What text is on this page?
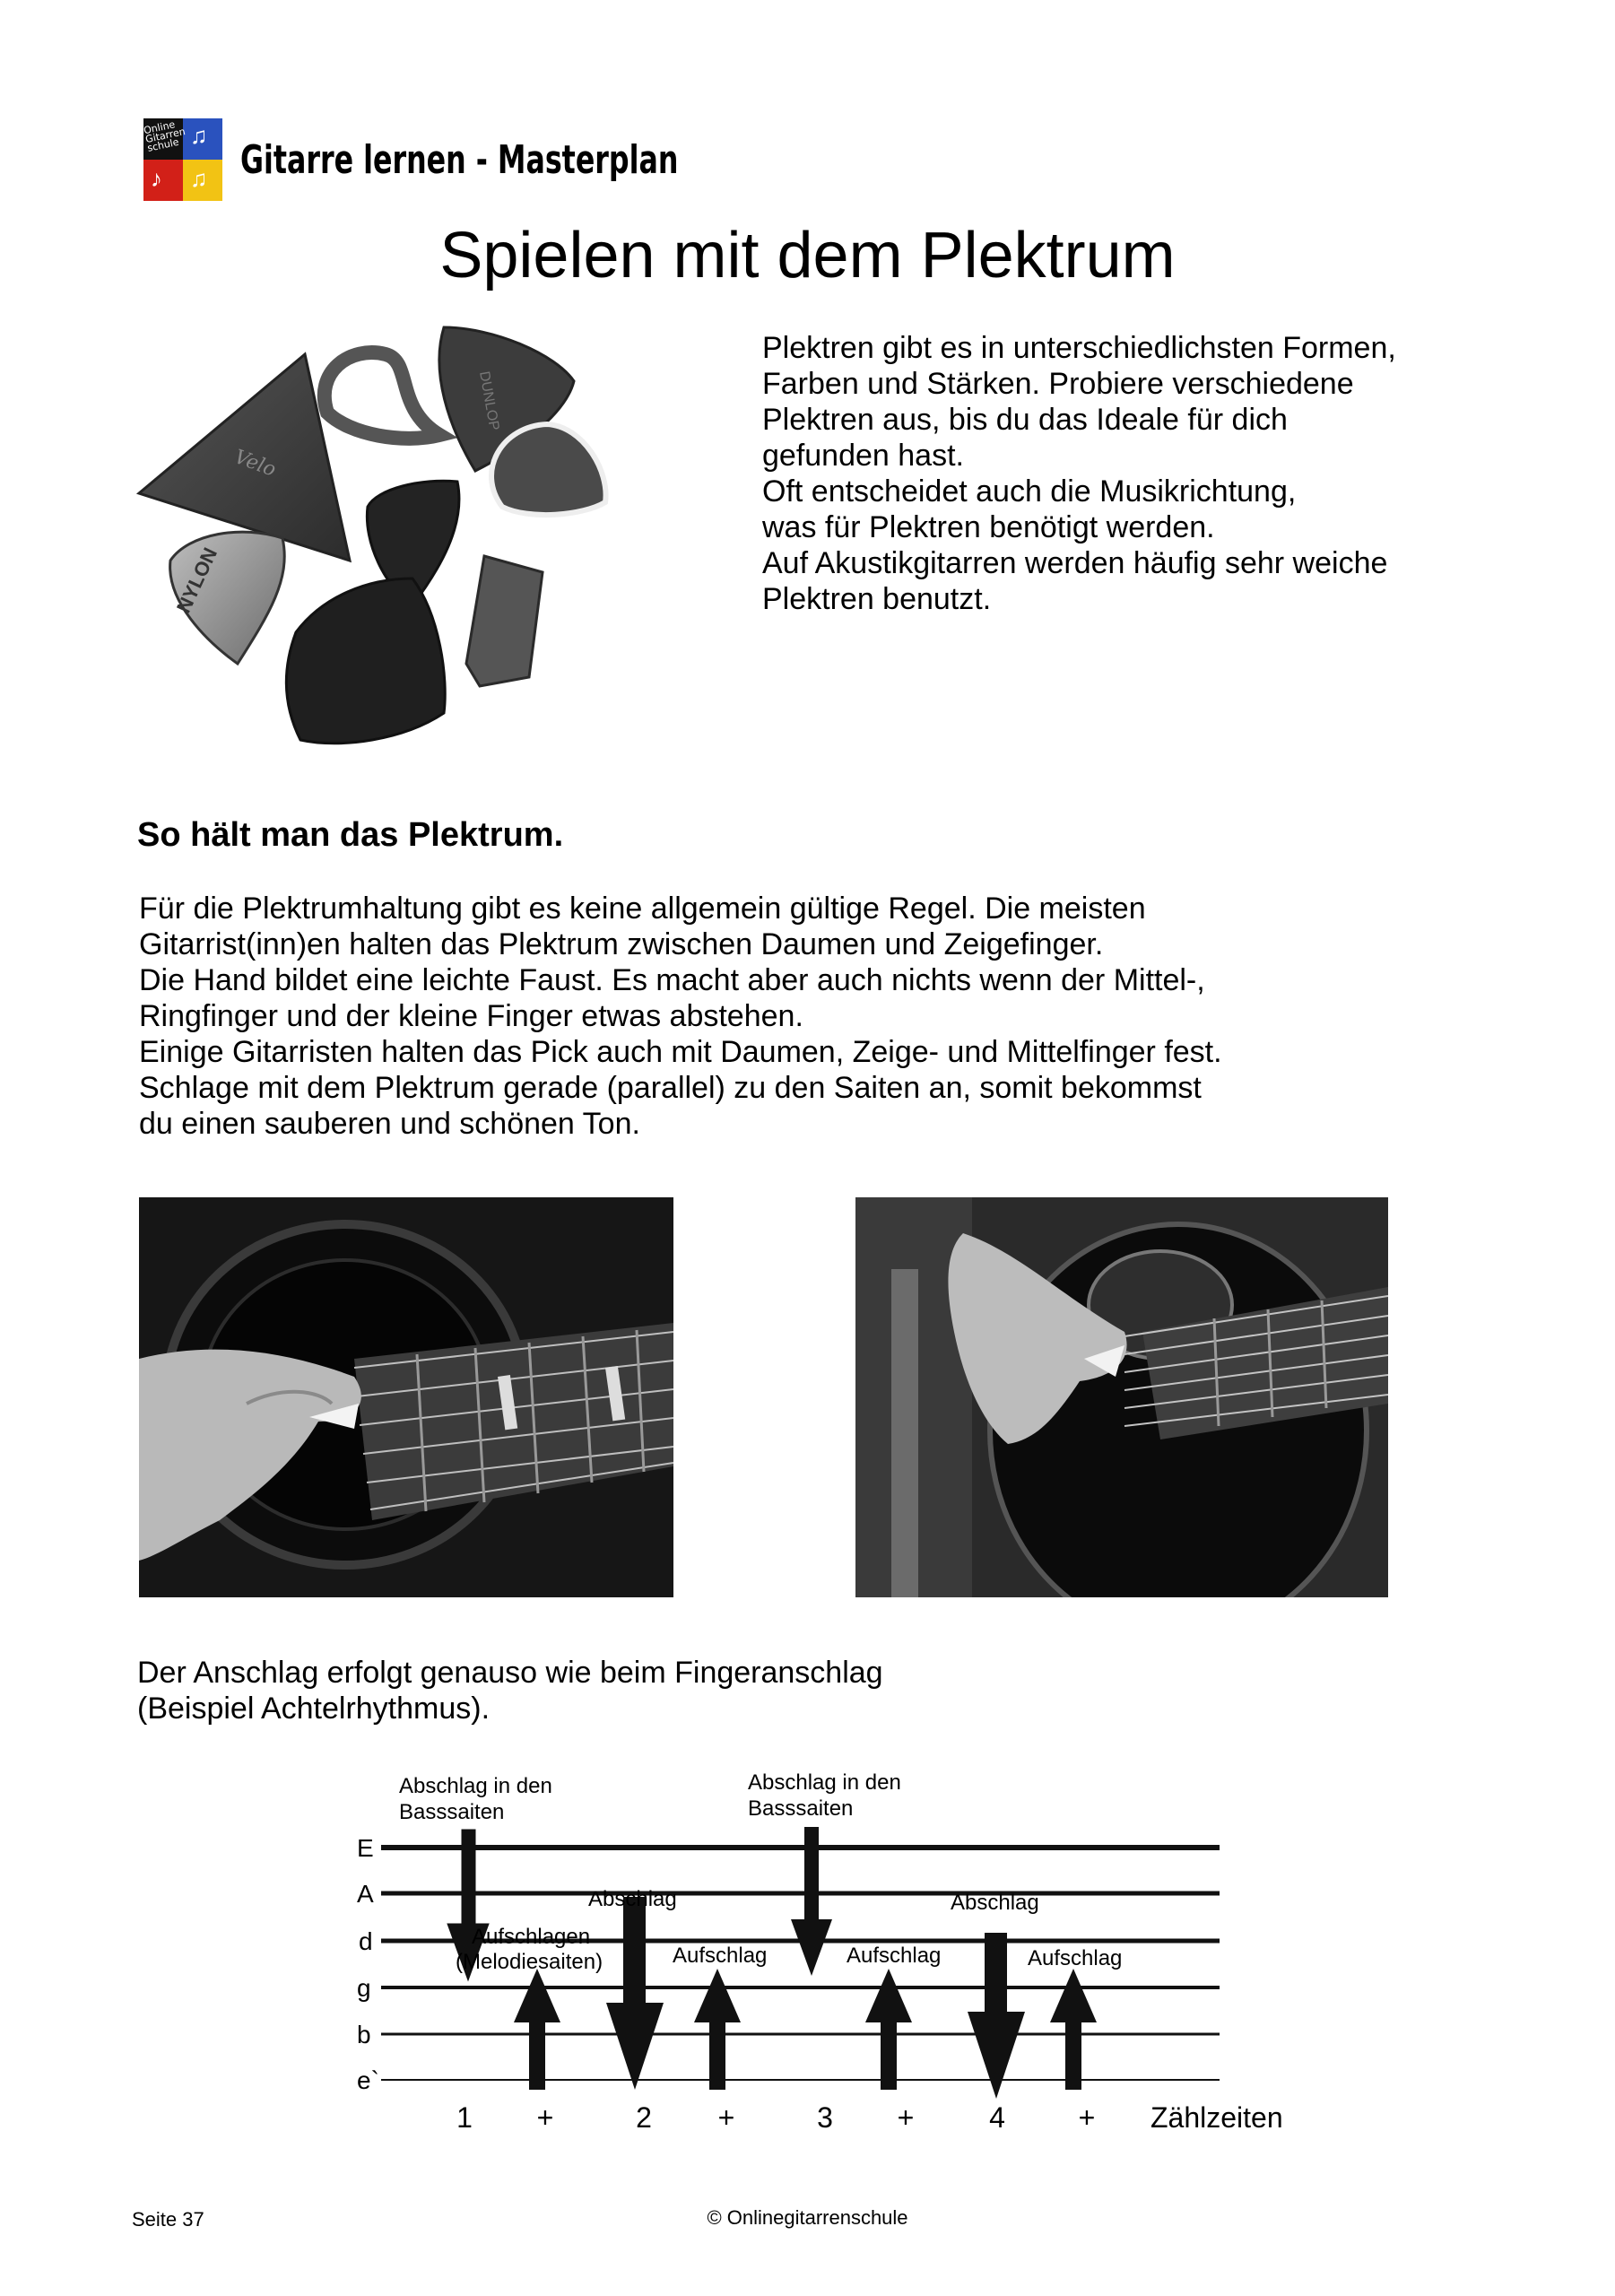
Online Gitarren schule ♫
♪ ♫ Gitarre lernen - Masterplan
Spielen mit dem Plektrum
Velo
DUNLOP
NYLON

Plektren gibt es in unterschiedlichsten Formen,

Farben und Stärken. Probiere verschiedene

Plektren aus, bis du das Ideale für dich

gefunden hast.

Oft entscheidet auch die Musikrichtung,

was für Plektren benötigt werden.

Auf Akustikgitarren werden häufig sehr weiche

Plektren benutzt.

So hält man das Plektrum.

Für die Plektrumhaltung gibt es keine allgemein gültige Regel. Die meisten

Gitarrist(inn)en halten das Plektrum zwischen Daumen und Zeigefinger.

Die Hand bildet eine leichte Faust. Es macht aber auch nichts wenn der Mittel-,

Ringfinger und der kleine Finger etwas abstehen.

Einige Gitarristen halten das Pick auch mit Daumen, Zeige- und Mittelfinger fest.

Schlage mit dem Plektrum gerade (parallel) zu den Saiten an, somit bekommst

du einen sauberen und schönen Ton.

Der Anschlag erfolgt genauso wie beim Fingeranschlag

(Beispiel Achtelrhythmus).

E
A
d
g
b
e`
Abschlag in den
Basssaiten
Abschlag in den
Basssaiten
Aufschlagen
(Melodiesaiten)
Abschlag	Abschlag
Aufschlag	Aufschlag	Aufschlag
1 +	2 +	3 +	4	+ Zählzeiten
Seite 37	© Onlinegitarrenschule
